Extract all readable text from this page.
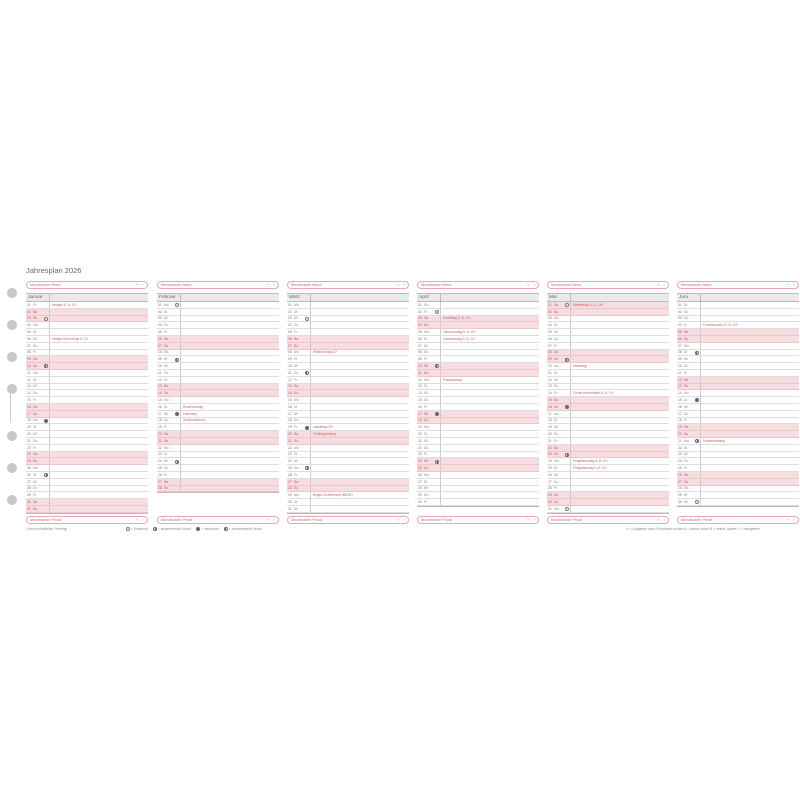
Jahresplan 2026
Monatsziele Beruf	✎ ✓
Januar
01 Fr	Neujahr D, A, CH
02 Sa
03 So
04 Mo
05 Di
06 Mi	Heilige Drei Könige D*, A
07 Do
08 Fr
09 Sa
10 So
11 Mo
12 Di
13 Mi
14 Do
15 Fr
16 Sa
17 So
18 Mo
19 Di
20 Mi
21 Do
22 Fr
23 Sa
24 So
25 Mo
26 Di
27 Mi
28 Do
29 Fr
30 Sa
31 So
Monatsziele Privat	✎ ✓
Monatsziele Beruf	✎ ✓
Februar
01 Mo
02 Di
03 Mi
04 Do
05 Fr
06 Sa
07 So
08 Mo
09 Di
10 Mi
11 Do
12 Fr
13 Sa
14 So
15 Mo
16 Di	Rosenmontag
17 Mi	Fastnacht
18 Do	Aschermittwoch
19 Fr
20 Sa
21 So
22 Mo
23 Di
24 Mi
25 Do
26 Fr
27 Sa
28 So
Monatsziele Privat	✎ ✓
Monatsziele Beruf	✎ ✓
März
01 Mo
02 Di
03 Mi
04 Do
05 Fr
06 Sa
07 So
08 Mo	Weltfrauentag D*
09 Di
10 Mi
11 Do
12 Fr
13 Sa
14 So
15 Mo
16 Di
17 Mi
18 Do
19 Fr	Josefstag CH*
20 Sa	Frühlingsanfang
21 So
22 Mo
23 Di
24 Mi
25 Do
26 Fr
27 Sa
28 So
29 Mo	Beginn Sommerzeit (MESZ)
30 Di
31 Mi
Monatsziele Privat	✎ ✓
Monatsziele Beruf	✎ ✓
April
01 Do
02 Fr
03 Sa	Karfreitag D, A, CH
04 So
05 Mo	Ostersonntag D, A, CH
06 Di	Ostermontag D, A, CH
07 Mi
08 Do
09 Fr
10 Sa
11 So
12 Mo	Palmsonntag
13 Di
14 Mi
15 Do
16 Fr
17 Sa
18 So
19 Mo
20 Di
21 Mi
22 Do
23 Fr
24 Sa
25 So
26 Mo
27 Di
28 Mi
29 Do
30 Fr
Monatsziele Privat	✎ ✓
Monatsziele Beruf	✎ ✓
Mai
01 Sa	Maifeiertag D, A, CH*
02 So
03 Mo
04 Di
05 Mi
06 Do
07 Fr
08 Sa
09 So
10 Mo	Muttertag
11 Di
12 Mi
13 Do
14 Fr	Christi Himmelfahrt D, A, CH
15 Sa
16 So
17 Mo
18 Di
19 Mi
20 Do
21 Fr
22 Sa
23 So
24 Mo	Pfingstsonntag D, A, CH
25 Di	Pfingstmontag D, A, CH
26 Mi
27 Do
28 Fr
29 Sa
30 So
31 Mo
Monatsziele Privat	✎ ✓
Monatsziele Beruf	✎ ✓
Juni
01 Di
02 Mi
03 Do
04 Fr	Fronleichnam D*, A, CH*
05 Sa
06 So
07 Mo
08 Di
09 Mi
10 Do
11 Fr
12 Sa
13 So
14 Mo
15 Di
16 Mi
17 Do
18 Fr
19 Sa
20 So
21 Mo	Sommeranfang
22 Di
23 Mi
24 Do
25 Fr
26 Sa
27 So
28 Mo
29 Di
30 Mi
Monatsziele Privat	✎ ✓
* kein einheitlicher Feiertag	= Vollmond	= abnehmender Mond	= Neumond	= zunehmender Mond	✎ = Aufgaben nach Prioritäten ordnen A = selbst, sofort B = selbst, später C = delegieren
